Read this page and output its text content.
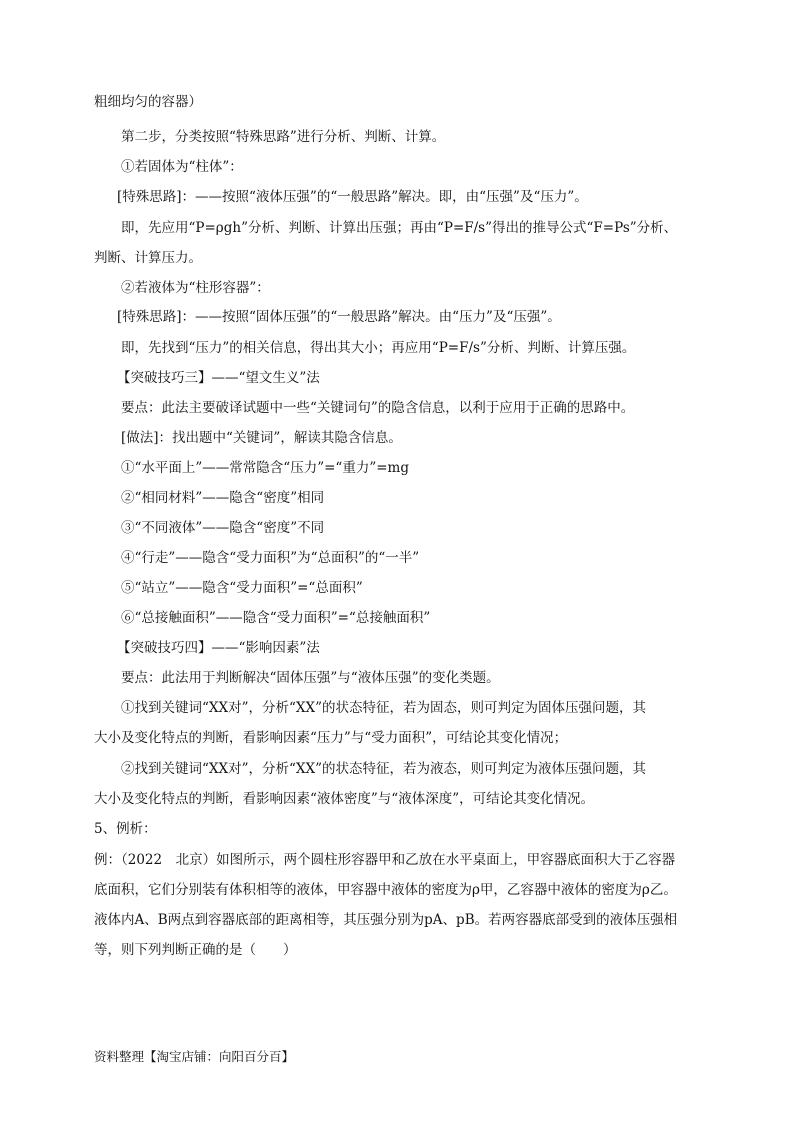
粗细均匀的容器）
第二步，分类按照“特殊思路”进行分析、判断、计算。
①若固体为“柱体”：
[特殊思路]：——按照“液体压强”的“一般思路”解决。即，由“压强”及“压力”。
即，先应用“P=ρgh”分析、判断、计算出压强；再由“P=F/s”得出的推导公式“F=Ps”分析、
判断、计算压力。
②若液体为“柱形容器”：
[特殊思路]：——按照“固体压强”的“一般思路”解决。由“压力”及“压强”。
即，先找到“压力”的相关信息，得出其大小；再应用“P=F/s”分析、判断、计算压强。
【突破技巧三】——“望文生义”法
要点：此法主要破译试题中一些“关键词句”的隐含信息，以利于应用于正确的思路中。
[做法]：找出题中“关键词”，解读其隐含信息。
①“水平面上”——常常隐含“压力”=“重力”=mg
②“相同材料”——隐含“密度”相同
③“不同液体”——隐含“密度”不同
④“行走”——隐含“受力面积”为“总面积”的“一半”
⑤“站立”——隐含“受力面积”=“总面积”
⑥“总接触面积”——隐含“受力面积”=“总接触面积”
【突破技巧四】——“影响因素”法
要点：此法用于判断解决“固体压强”与“液体压强”的变化类题。
①找到关键词“XX对”，分析“XX”的状态特征，若为固态，则可判定为固体压强问题，其
大小及变化特点的判断，看影响因素“压力”与“受力面积”，可结论其变化情况；
②找到关键词“XX对”，分析“XX”的状态特征，若为液态，则可判定为液体压强问题，其
大小及变化特点的判断，看影响因素“液体密度”与“液体深度”，可结论其变化情况。
5、例析：
例：（2022　北京）如图所示，两个圆柱形容器甲和乙放在水平桌面上，甲容器底面积大于乙容器
底面积，它们分别装有体积相等的液体，甲容器中液体的密度为ρ甲，乙容器中液体的密度为ρ乙。
液体内A、B两点到容器底部的距离相等，其压强分别为pA、pB。若两容器底部受到的液体压强相
等，则下列判断正确的是（　　）
资料整理【淘宝店铺：向阳百分百】
